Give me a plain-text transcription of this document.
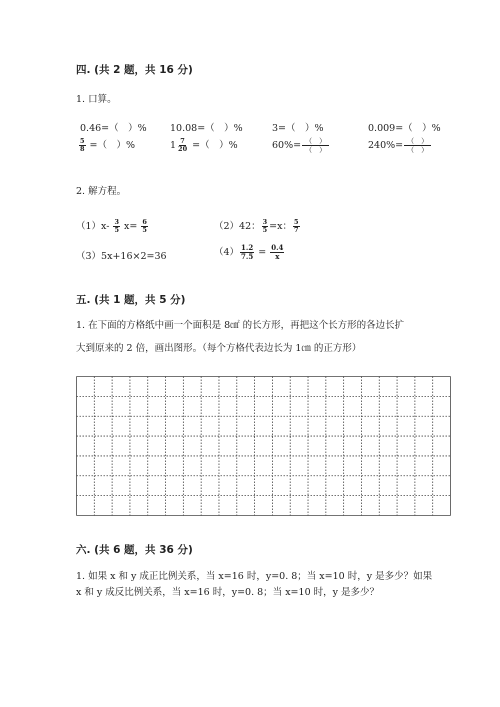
四. (共 2 题，共 16 分)
1. 口算。
0.46=（　）% 10.08=（　）%	3=（　）%	0.009=（　）%
$\frac{5}{8}$ =（　）%	$1 \frac{7}{20}$ =（　）%	$60\%= \frac{( )}{( )}$	$240\%= \frac{( )}{( )}$
2. 解方程。
$(1)x- \frac{3}{5} x= \frac{6}{5}$	（2）42： $\frac{3}{5} =x$： $\frac{5}{7}$
（3）5x+16×2=36	$(4) \frac{1.2}{7.5} = \frac{0.4}{x}$
五. (共 1 题，共 5 分)
1. 在下面的方格纸中画一个面积是 8㎠ 的长方形，再把这个长方形的各边长扩
大到原来的 2 倍，画出图形。（每个方格代表边长为 1㎝ 的正方形）
六. (共 6 题，共 36 分)
1. 如果 x 和 y 成正比例关系，当 x=16 时，y=0. 8；当 x=10 时，y 是多少？如果
x 和 y 成反比例关系，当 x=16 时，y=0. 8；当 x=10 时，y 是多少？
